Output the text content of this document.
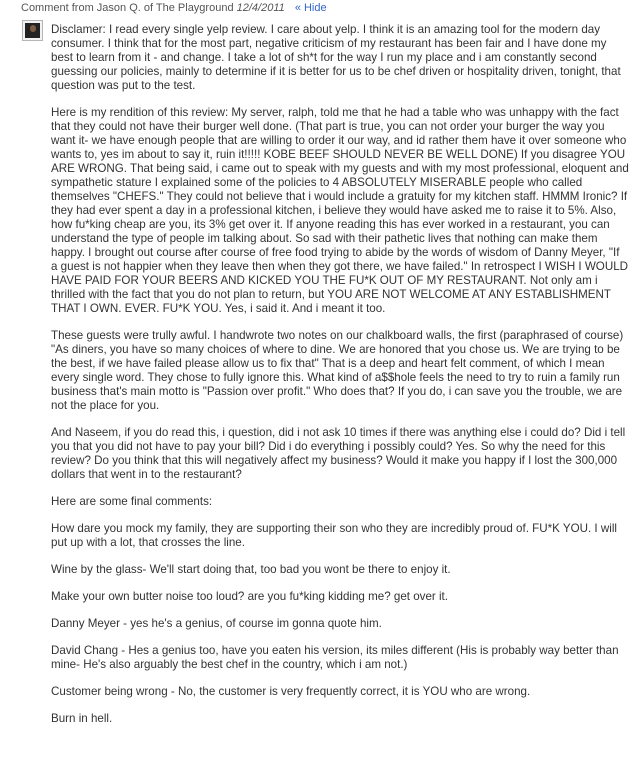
Comment from Jason Q. of The Playground 12/4/2011 « Hide

Disclamer: I read every single yelp review. I care about yelp. I think it is an amazing tool for the modern day consumer. I think that for the most part, negative criticism of my restaurant has been fair and I have done my best to learn from it - and change. I take a lot of sh*t for the way I run my place and i am constantly second guessing our policies, mainly to determine if it is better for us to be chef driven or hospitality driven, tonight, that question was put to the test.

Here is my rendition of this review: My server, ralph, told me that he had a table who was unhappy with the fact that they could not have their burger well done. (That part is true, you can not order your burger the way you want it- we have enough people that are willing to order it our way, and id rather them have it over someone who wants to, yes im about to say it, ruin it!!!!! KOBE BEEF SHOULD NEVER BE WELL DONE) If you disagree YOU ARE WRONG. That being said, i came out to speak with my guests and with my most professional, eloquent and sympathetic stature I explained some of the policies to 4 ABSOLUTELY MISERABLE people who called themselves "CHEFS." They could not believe that i would include a gratuity for my kitchen staff. HMMM Ironic? If they had ever spent a day in a professional kitchen, i believe they would have asked me to raise it to 5%. Also, how fu*king cheap are you, its 3% get over it. If anyone reading this has ever worked in a restaurant, you can understand the type of people im talking about. So sad with their pathetic lives that nothing can make them happy. I brought out course after course of free food trying to abide by the words of wisdom of Danny Meyer, "If a guest is not happier when they leave then when they got there, we have failed." In retrospect I WISH I WOULD HAVE PAID FOR YOUR BEERS AND KICKED YOU THE FU*K OUT OF MY RESTAURANT. Not only am i thrilled with the fact that you do not plan to return, but YOU ARE NOT WELCOME AT ANY ESTABLISHMENT THAT I OWN. EVER. FU*K YOU. Yes, i said it. And i meant it too.

These guests were trully awful. I handwrote two notes on our chalkboard walls, the first (paraphrased of course) "As diners, you have so many choices of where to dine. We are honored that you chose us. We are trying to be the best, if we have failed please allow us to fix that" That is a deep and heart felt comment, of which I mean every single word. They chose to fully ignore this. What kind of a$$hole feels the need to try to ruin a family run business that's main motto is "Passion over profit." Who does that? If you do, i can save you the trouble, we are not the place for you.

And Naseem, if you do read this, i question, did i not ask 10 times if there was anything else i could do? Did i tell you that you did not have to pay your bill? Did i do everything i possibly could? Yes. So why the need for this review? Do you think that this will negatively affect my business? Would it make you happy if I lost the 300,000 dollars that went in to the restaurant?

Here are some final comments:

How dare you mock my family, they are supporting their son who they are incredibly proud of. FU*K YOU. I will put up with a lot, that crosses the line.

Wine by the glass- We'll start doing that, too bad you wont be there to enjoy it.

Make your own butter noise too loud? are you fu*king kidding me? get over it.

Danny Meyer - yes he's a genius, of course im gonna quote him.

David Chang - Hes a genius too, have you eaten his version, its miles different (His is probably way better than mine- He's also arguably the best chef in the country, which i am not.)

Customer being wrong - No, the customer is very frequently correct, it is YOU who are wrong.

Burn in hell.
